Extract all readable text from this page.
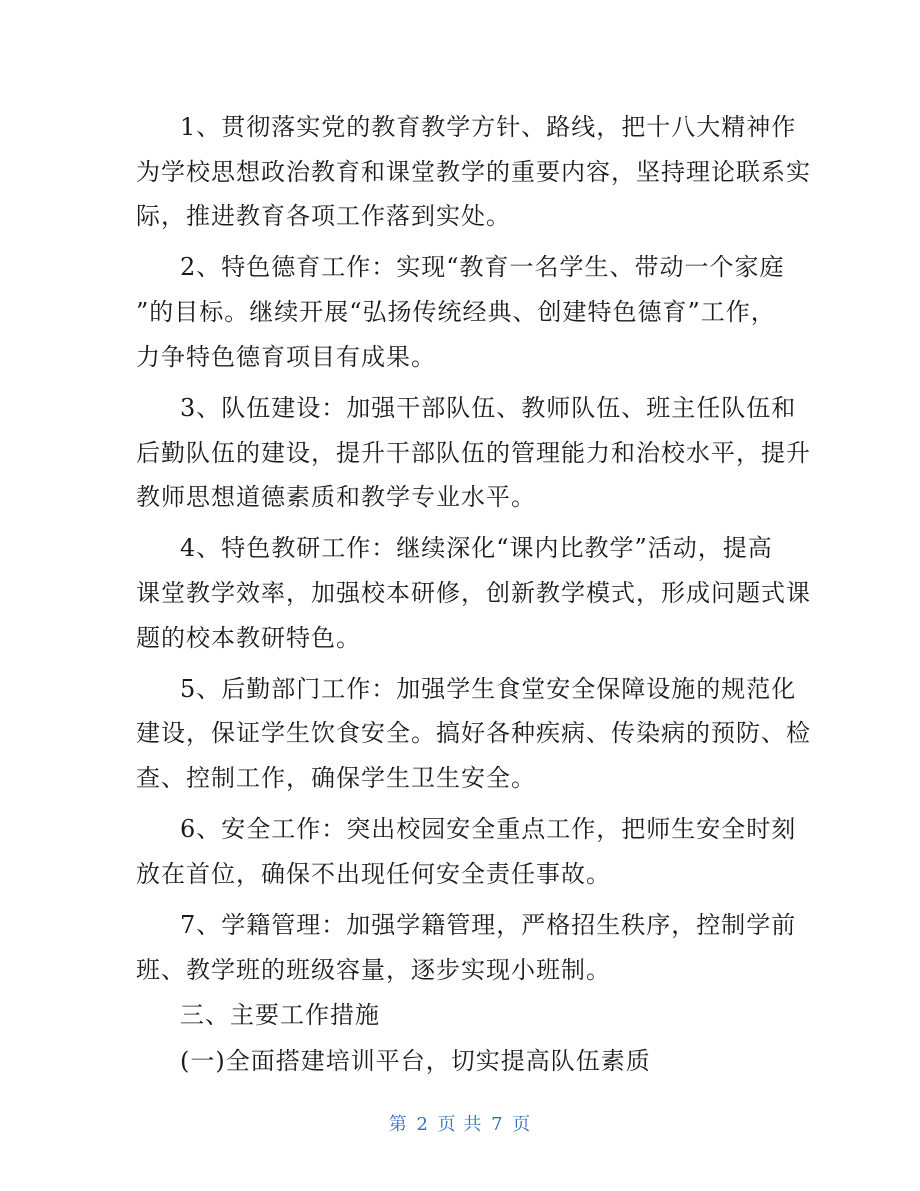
1、贯彻落实党的教育教学方针、路线，把十八大精神作
为学校思想政治教育和课堂教学的重要内容，坚持理论联系实
际，推进教育各项工作落到实处。
2、特色德育工作：实现“教育一名学生、带动一个家庭
”的目标。继续开展“弘扬传统经典、创建特色德育”工作，
力争特色德育项目有成果。
3、队伍建设：加强干部队伍、教师队伍、班主任队伍和
后勤队伍的建设，提升干部队伍的管理能力和治校水平，提升
教师思想道德素质和教学专业水平。
4、特色教研工作：继续深化“课内比教学”活动，提高
课堂教学效率，加强校本研修，创新教学模式，形成问题式课
题的校本教研特色。
5、后勤部门工作：加强学生食堂安全保障设施的规范化
建设，保证学生饮食安全。搞好各种疾病、传染病的预防、检
查、控制工作，确保学生卫生安全。
6、安全工作：突出校园安全重点工作，把师生安全时刻
放在首位，确保不出现任何安全责任事故。
7、学籍管理：加强学籍管理，严格招生秩序，控制学前
班、教学班的班级容量，逐步实现小班制。
三、主要工作措施
(一)全面搭建培训平台，切实提高队伍素质
第 2 页 共 7 页
